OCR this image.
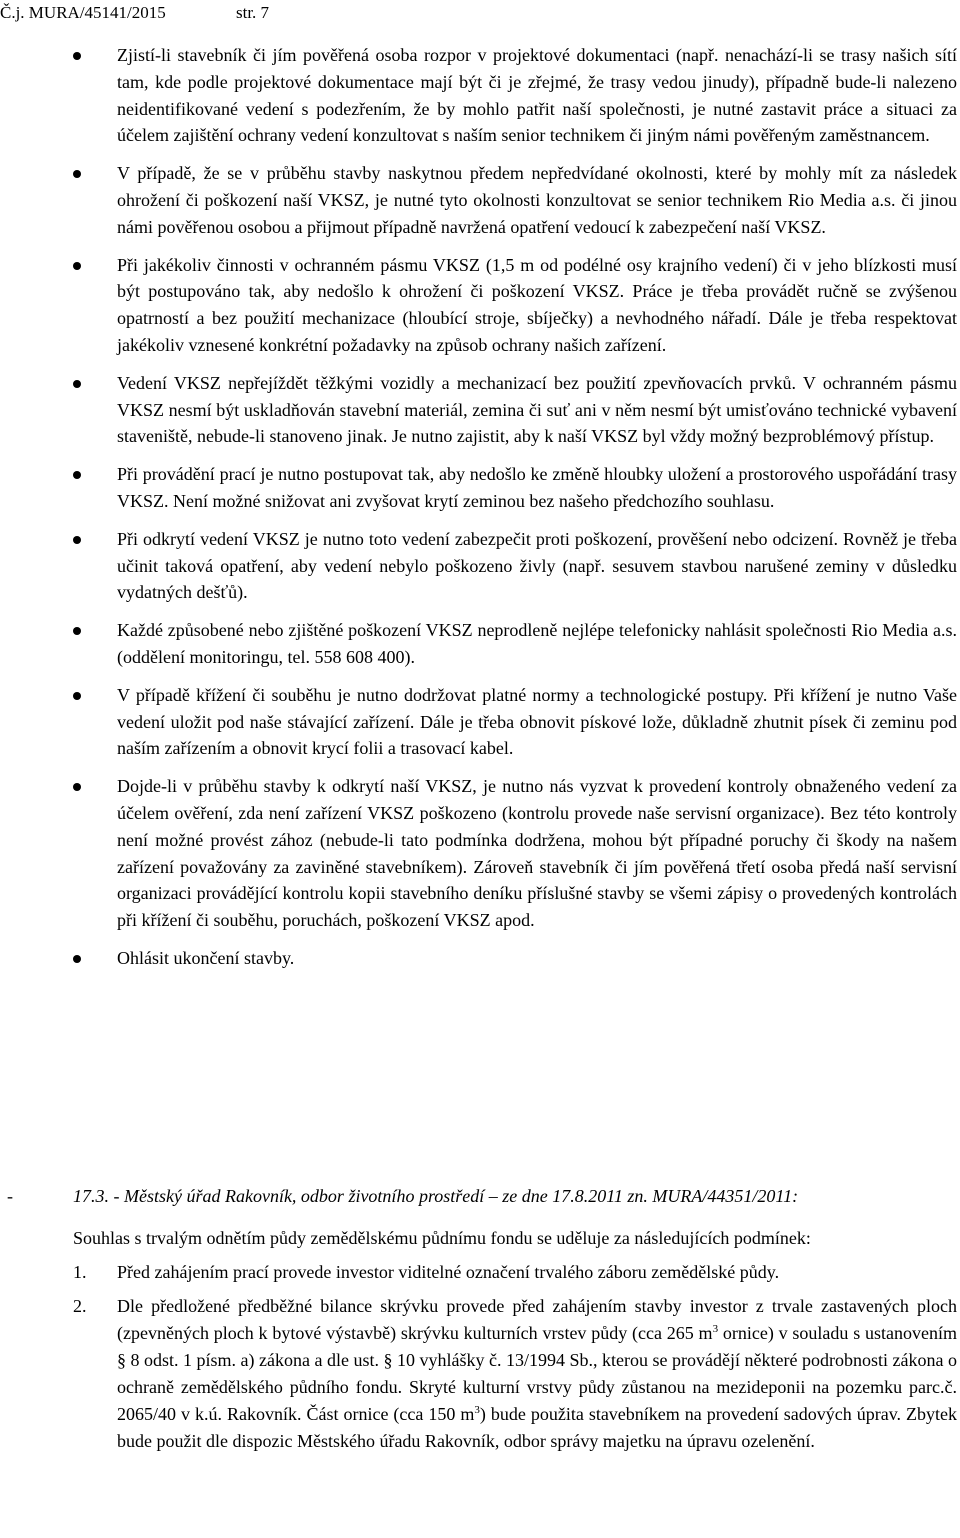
Č.j. MURA/45141/2015	str. 7
Zjistí-li stavebník či jím pověřená osoba rozpor v projektové dokumentaci (např. nenachází-li se trasy našich sítí tam, kde podle projektové dokumentace mají být či je zřejmé, že trasy vedou jinudy), případně bude-li nalezeno neidentifikované vedení s podezřením, že by mohlo patřit naší společnosti, je nutné zastavit práce a situaci za účelem zajištění ochrany vedení konzultovat s naším senior technikem či jiným námi pověřeným zaměstnancem.
V případě, že se v průběhu stavby naskytnou předem nepředvídané okolnosti, které by mohly mít za následek ohrožení či poškození naší VKSZ, je nutné tyto okolnosti konzultovat se senior technikem Rio Media a.s. či jinou námi pověřenou osobou a přijmout případně navržená opatření vedoucí k zabezpečení naší VKSZ.
Při jakékoliv činnosti v ochranném pásmu VKSZ (1,5 m od podélné osy krajního vedení) či v jeho blízkosti musí být postupováno tak, aby nedošlo k ohrožení či poškození VKSZ. Práce je třeba provádět ručně se zvýšenou opatrností a bez použití mechanizace (hloubící stroje, sbíječky) a nevhodného nářadí. Dále je třeba respektovat jakékoliv vznesené konkrétní požadavky na způsob ochrany našich zařízení.
Vedení VKSZ nepřejíždět těžkými vozidly a mechanizací bez použití zpevňovacích prvků. V ochranném pásmu VKSZ nesmí být uskladňován stavební materiál, zemina či suť ani v něm nesmí být umisťováno technické vybavení staveniště, nebude-li stanoveno jinak. Je nutno zajistit, aby k naší VKSZ byl vždy možný bezproblémový přístup.
Při provádění prací je nutno postupovat tak, aby nedošlo ke změně hloubky uložení a prostorového uspořádání trasy VKSZ. Není možné snižovat ani zvyšovat krytí zeminou bez našeho předchozího souhlasu.
Při odkrytí vedení VKSZ je nutno toto vedení zabezpečit proti poškození, prověšení nebo odcizení. Rovněž je třeba učinit taková opatření, aby vedení nebylo poškozeno živly (např. sesuvem stavbou narušené zeminy v důsledku vydatných dešťů).
Každé způsobené nebo zjištěné poškození VKSZ neprodleně nejlépe telefonicky nahlásit společnosti Rio Media a.s. (oddělení monitoringu, tel. 558 608 400).
V případě křížení či souběhu je nutno dodržovat platné normy a technologické postupy. Při křížení je nutno Vaše vedení uložit pod naše stávající zařízení. Dále je třeba obnovit pískové lože, důkladně zhutnit písek či zeminu pod naším zařízením a obnovit krycí folii a trasovací kabel.
Dojde-li v průběhu stavby k odkrytí naší VKSZ, je nutno nás vyzvat k provedení kontroly obnaženého vedení za účelem ověření, zda není zařízení VKSZ poškozeno (kontrolu provede naše servisní organizace). Bez této kontroly není možné provést zához (nebude-li tato podmínka dodržena, mohou být případné poruchy či škody na našem zařízení považovány za zaviněné stavebníkem). Zároveň stavebník či jím pověřená třetí osoba předá naší servisní organizaci provádějící kontrolu kopii stavebního deníku příslušné stavby se všemi zápisy o provedených kontrolách při křížení či souběhu, poruchách, poškození VKSZ apod.
Ohlásit ukončení stavby.
-	17.3. - Městský úřad Rakovník, odbor životního prostředí – ze dne 17.8.2011 zn. MURA/44351/2011:
Souhlas s trvalým odnětím půdy zemědělskému půdnímu fondu se uděluje za následujících podmínek:
1. Před zahájením prací provede investor viditelné označení trvalého záboru zemědělské půdy.
2. Dle předložené předběžné bilance skrývku provede před zahájením stavby investor z trvale zastavených ploch (zpevněných ploch k bytové výstavbě) skrývku kulturních vrstev půdy (cca 265 $m^3$ ornice) v souladu s ustanovením § 8 odst. 1 písm. a) zákona a dle ust. § 10 vyhlášky č. 13/1994 Sb., kterou se provádějí některé podrobnosti zákona o ochraně zemědělského půdního fondu. Skryté kulturní vrstvy půdy zůstanou na mezideponii na pozemku parc.č. 2065/40 v k.ú. Rakovník. Část ornice (cca 150 $m^3$) bude použita stavebníkem na provedení sadových úprav. Zbytek bude použit dle dispozic Městského úřadu Rakovník, odbor správy majetku na úpravu ozelenění.
